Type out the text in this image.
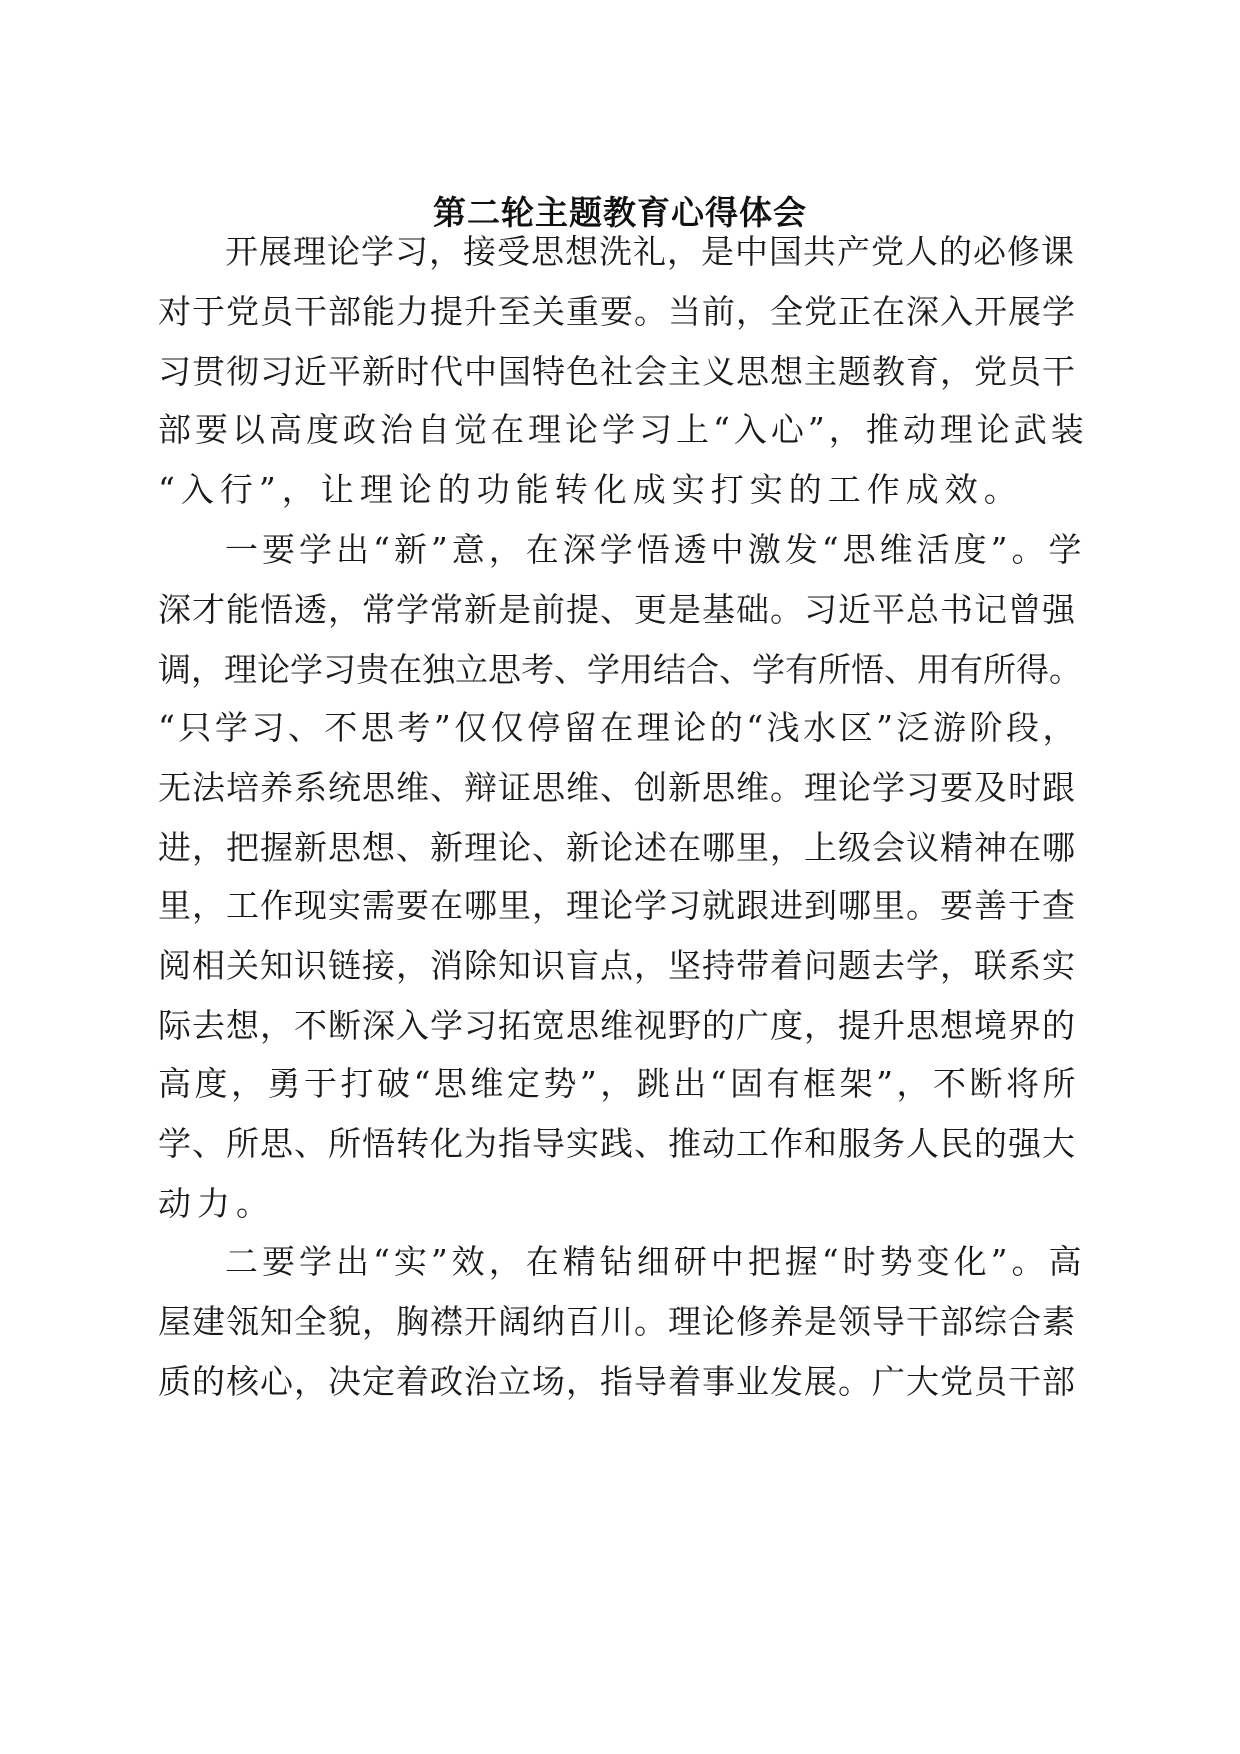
第二轮主题教育心得体会
开展理论学习，接受思想洗礼，是中国共产党人的必修课
对于党员干部能力提升至关重要。当前，全党正在深入开展学
习贯彻习近平新时代中国特色社会主义思想主题教育，党员干
部要以高度政治自觉在理论学习上“入心”，推动理论武装
“入行”，让理论的功能转化成实打实的工作成效。
一要学出“新”意，在深学悟透中激发“思维活度”。学
深才能悟透，常学常新是前提、更是基础。习近平总书记曾强
调，理论学习贵在独立思考、学用结合、学有所悟、用有所得。
“只学习、不思考”仅仅停留在理论的“浅水区”泛游阶段，
无法培养系统思维、辩证思维、创新思维。理论学习要及时跟
进，把握新思想、新理论、新论述在哪里，上级会议精神在哪
里，工作现实需要在哪里，理论学习就跟进到哪里。要善于查
阅相关知识链接，消除知识盲点，坚持带着问题去学，联系实
际去想，不断深入学习拓宽思维视野的广度，提升思想境界的
高度，勇于打破“思维定势”，跳出“固有框架”，不断将所
学、所思、所悟转化为指导实践、推动工作和服务人民的强大
动力。
二要学出“实”效，在精钻细研中把握“时势变化”。高
屋建瓴知全貌，胸襟开阔纳百川。理论修养是领导干部综合素
质的核心，决定着政治立场，指导着事业发展。广大党员干部
